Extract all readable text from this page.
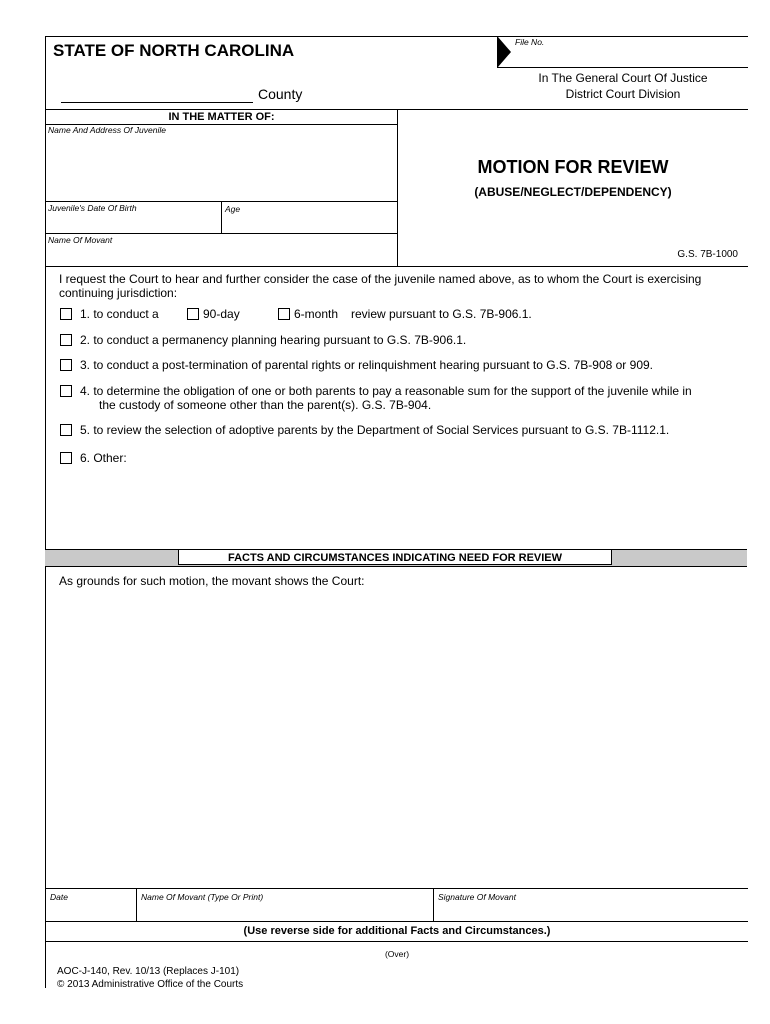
STATE OF NORTH CAROLINA	File No.
County
In The General Court Of Justice
District Court Division
IN THE MATTER OF:
Name And Address Of Juvenile
Juvenile's Date Of Birth	Age
Name Of Movant
MOTION FOR REVIEW
(ABUSE/NEGLECT/DEPENDENCY)
G.S. 7B-1000
I request the Court to hear and further consider the case of the juvenile named above, as to whom the Court is exercising continuing jurisdiction:
1. to conduct a	90-day	6-month review pursuant to G.S. 7B-906.1.
2. to conduct a permanency planning hearing pursuant to G.S. 7B-906.1.
3. to conduct a post-termination of parental rights or relinquishment hearing pursuant to G.S. 7B-908 or 909.
4. to determine the obligation of one or both parents to pay a reasonable sum for the support of the juvenile while in
the custody of someone other than the parent(s). G.S. 7B-904.
5. to review the selection of adoptive parents by the Department of Social Services pursuant to G.S. 7B-1112.1.
6. Other:
FACTS AND CIRCUMSTANCES INDICATING NEED FOR REVIEW
As grounds for such motion, the movant shows the Court:
Date	Name Of Movant (Type Or Print)	Signature Of Movant
(Use reverse side for additional Facts and Circumstances.)
(Over)
AOC-J-140, Rev. 10/13 (Replaces J-101)
© 2013 Administrative Office of the Courts
